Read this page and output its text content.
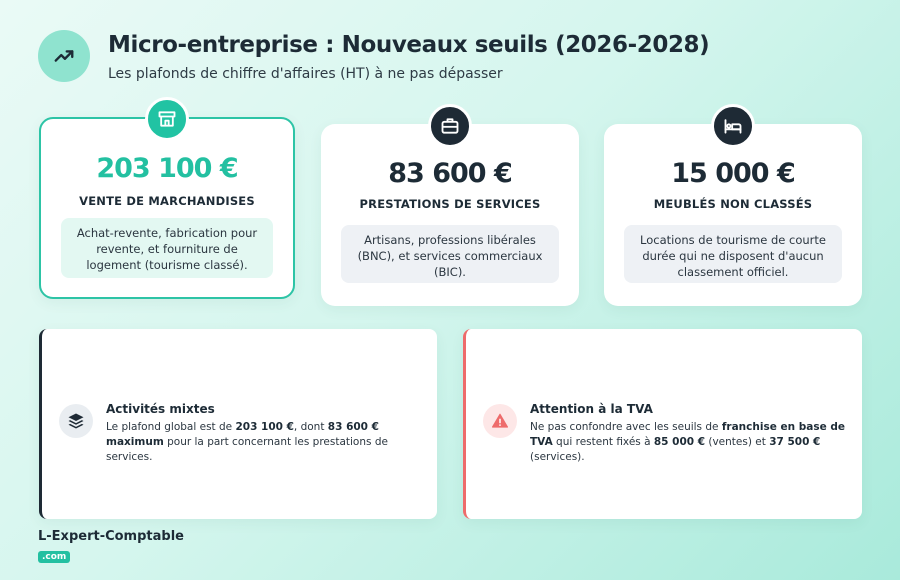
Micro-entreprise : Nouveaux seuils (2026-2028)
Les plafonds de chiffre d'affaires (HT) à ne pas dépasser
203 100 €
VENTE DE MARCHANDISES
Achat-revente, fabrication pour revente, et fourniture de logement (tourisme classé).
83 600 €
PRESTATIONS DE SERVICES
Artisans, professions libérales (BNC), et services commerciaux (BIC).
15 000 €
MEUBLÉS NON CLASSÉS
Locations de tourisme de courte durée qui ne disposent d'aucun classement officiel.
Activités mixtes
Le plafond global est de 203 100 €, dont 83 600 € maximum pour la part concernant les prestations de services.
Attention à la TVA
Ne pas confondre avec les seuils de franchise en base de TVA qui restent fixés à 85 000 € (ventes) et 37 500 € (services).
L-Expert-Comptable
.com
